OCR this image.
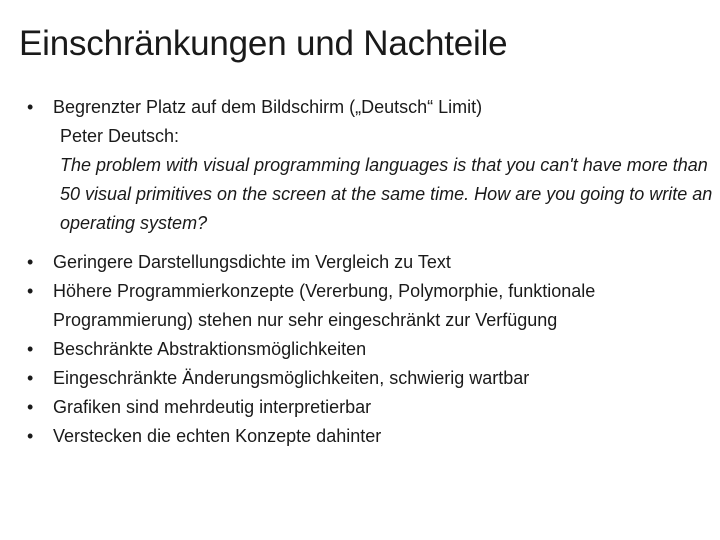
Einschränkungen und Nachteile
•	Begrenzter Platz auf dem Bildschirm („Deutsch“ Limit)
Peter Deutsch:
The problem with visual programming languages is that you can't have more than 50 visual primitives on the screen at the same time. How are you going to write an operating system?
•	Geringere Darstellungsdichte im Vergleich zu Text
•	Höhere Programmierkonzepte (Vererbung, Polymorphie, funktionale Programmierung) stehen nur sehr eingeschränkt zur Verfügung
•	Beschränkte Abstraktionsmöglichkeiten
•	Eingeschränkte Änderungsmöglichkeiten, schwierig wartbar
•	Grafiken sind mehrdeutig interpretierbar
•	Verstecken die echten Konzepte dahinter
